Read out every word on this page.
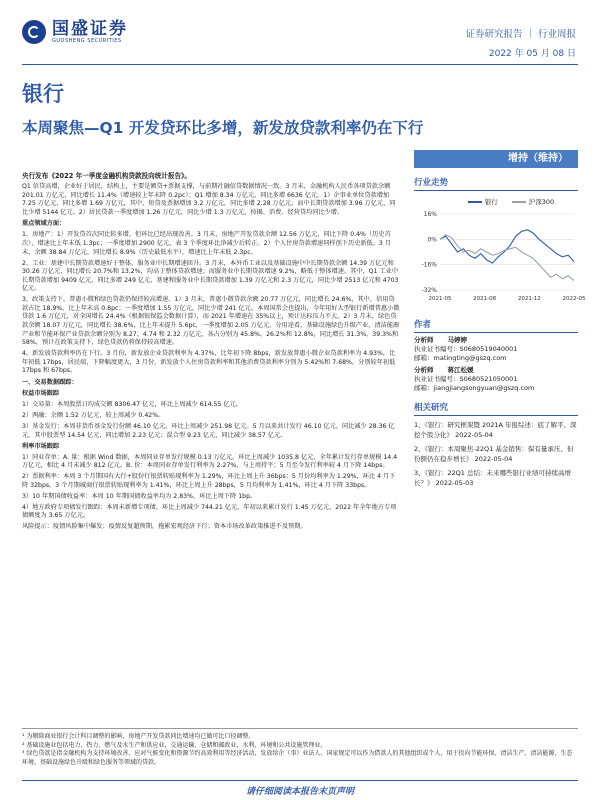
国盛证券
GUOSHENG SECURITIES
证券研究报告 ｜ 行业周报
2022 年 05 月 08 日
银行
本周聚焦—Q1 开发贷环比多增，新发放贷款利率仍在下行
增持（维持）

央行发布《2022 年一季度金融机构贷款投向统计报告》。

Q1 信贷高增，企业好于居民，结构上，主要是额贷+票据支撑，与前期社融信贷数据情况一致。3 月末，金融机构人民币各项贷款余额 201.01 万亿元，同比增长 11.4%（增速较上年末降 0.2pc）；Q1 增加 8.34 万亿元，同比多增 6636 亿元。1）企事业单位贷款增加 7.25 万亿元，同比多增 1.69 万亿元，其中，短贷及票据增加 3.2 万亿元，同比多增 2.28 万亿元，而中长期贷款增加 3.96 万亿元，同比少增 5144 亿元。2）居民贷款一季度增加 1.26 万亿元，同比少增 1.3 万亿元，按揭、消费、经营贷均同比少增。

重点领域方面：

1、房地产：1）开发贷首次同比转多增，但环比已经出现改善。3 月末，房地产开发贷款余额 12.56 万亿元，同比下降 0.4%（历史首次），增速比上年末低 1.3pc；一季度增加 2900 亿元，表 3 个季度环比净减少后转正。2）个人住房贷款增速同样创下历史新低。3 月末，余额 38.84 万亿元，同比增长 8.9%（历史最低水平），增速比上年末低 2.3pc。

2、工业：基建中长期贷款增速好于整体，服务业中长期增速回升。3 月末，本外币工业以及基础设施中中长期贷款余额 14.39 万亿元和 30.26 万亿元，同比增长 20.7%和 13.2%，均高于整体贷款增速；而服务业中长期贷款增速 9.2%，略低于整体增速。其中，Q1 工业中长期贷款增加 9409 亿元，同比多增 249 亿元，基建和服务业中长期贷款增加 1.39 万亿元和 2.3 万亿元，同比少增 2513 亿元和 4703 亿元。

3、政策支持下，普惠小微和绿色贷款仍保持较高增速。1）3 月末，普惠小微贷款余额 20.77 万亿元，同比增长 24.6%，其中，信用贷款占比 18.9%，比上年末高 0.8pc；一季度增加 1.55 万亿元，同比少增 241 亿元。本周国常会也提出，今年用好大型银行新增普惠小微贷款 1.6 万亿元，对全国增长 24.4%（根据银保监会数据计算），而 2021 年增速在 35%以上，预计达标压力不大。2）3 月末，绿色贷款余额 18.07 万亿元，同比增长 38.6%，比上年末提升 5.6pc，一季度增加 2.05 万亿元。分用途看，基础设施绿色升级产业，清洁能源产业和节能环保产业贷款余额分别为 8.27、4.74 和 2.32 万亿元，各占分别为 45.8%、26.2%和 12.8%，同比增长 31.3%、39.3%和 58%，预计在政策支持下，绿色贷款仍将保持较高增速。

4、新发放贷款利率仍在下行。3 月份，新发放企业贷款利率为 4.37%，比年初下降 8bps，新发放普惠小微企业贷款利率为 4.93%，比年初低 17bps，居民端，下降幅度更大，3 月份，新发放个人住房贷款利率和其他消费贷款利率分别为 5.42%和 7.68%，分别较年初低 17bps 和 67bps。

一、交易数据跟踪：

权益市场跟踪

1）交易量：本周股票日均成交额 8306.47 亿元，环比上周减少 614.55 亿元。

2）两融：余额 1.52 万亿元，较上周减少 0.42%。

3）基金发行：本周非货币基金发行份额 46.10 亿元，环比上周减少 251.98 亿元。5 月以来共计发行 46.10 亿元，同比减少 28.36 亿元。其中股票型 14.54 亿元，同比增加 2.23 亿元；混合型 9.23 亿元，同比减少 38.57 亿元。

利率市场跟踪

1）同业存单：A. 量：根据 Wind 数据，本周同业存单发行规模 0.13 万亿元，环比上周减少 1035.8 亿元，全年累计发行存单规模 14.4 万亿元，相比 4 月末减少 812 亿元。B. 价：本周同业存单发行利率为 2.27%，与上周持平；5 月至今发行利率较 4 月下降 14bps。

2）票据利率：本周 3 个月期国有大行+股份行银票转贴现利率为 1.29%，环比上周上升 36bps；5 月份均利率为 1.29%，环比 4 月下降 32bps。3 个月期城商行银票转贴现利率为 1.41%，环比上周上升 28bps，5 月均利率为 1.41%，环比 4 月下降 33bps。

3）10 年期国债收益率：本周 10 年期国债收益率均为 2.83%，环比上周下降 1bp。

4）地方政府专项债发行跟踪：本周未新增专项债，环比上周减少 744.21 亿元，年初以来累计发行 1.45 万亿元，2022 年全年地方专项债额度为 3.65 万亿元。

风险提示：疫情风险集中爆发；疫情反复超预期，拖累宏观经济下行；资本市场改革政策推进不及预期。

行业走势
银行	沪深300
16%
0%
-16%
-32%
2021-05	2021-08	2021-12	2022-05
作者
分析师 马婷婷
执业证书编号：S0680519040001
邮箱：matingting@gszq.com
分析师 蒋江松媛
执业证书编号：S0680521050001
邮箱：jiangjiangsongyuan@gszq.com
相关研究
1、《银行：研究框架暨 2021A 年报综述：底了解平、深挖个股分化》 2022-05-04
2、《银行：本周聚焦-22Q1 基金销售：保有量承压、但份额仍在稳步增长》 2022-05-04
3、《银行：22Q1 总结：未来哪些银行业绩可持续高增长？》 2022-05-03
¹ 为剔除商业银行会计科目调整的影响，房地产开发贷款同比增速均已做可比口径调整。
² 基础设施业包括电力、热力、燃气及水生产和供应业，交通运输、仓储和邮政业，水利、环境和公共设施管理业。
³ 绿色贷款是指金融机构为支持环境改善、应对气候变化和资源节约高效利用等经济活动，发放给企（事）业法人、国家规定可以作为借款人的其他组织或个人，用于投向节能环保、清洁生产、清洁能源、生态环境、基础设施绿色升级和绿色服务等领域的贷款。
请仔细阅读本报告末页声明
